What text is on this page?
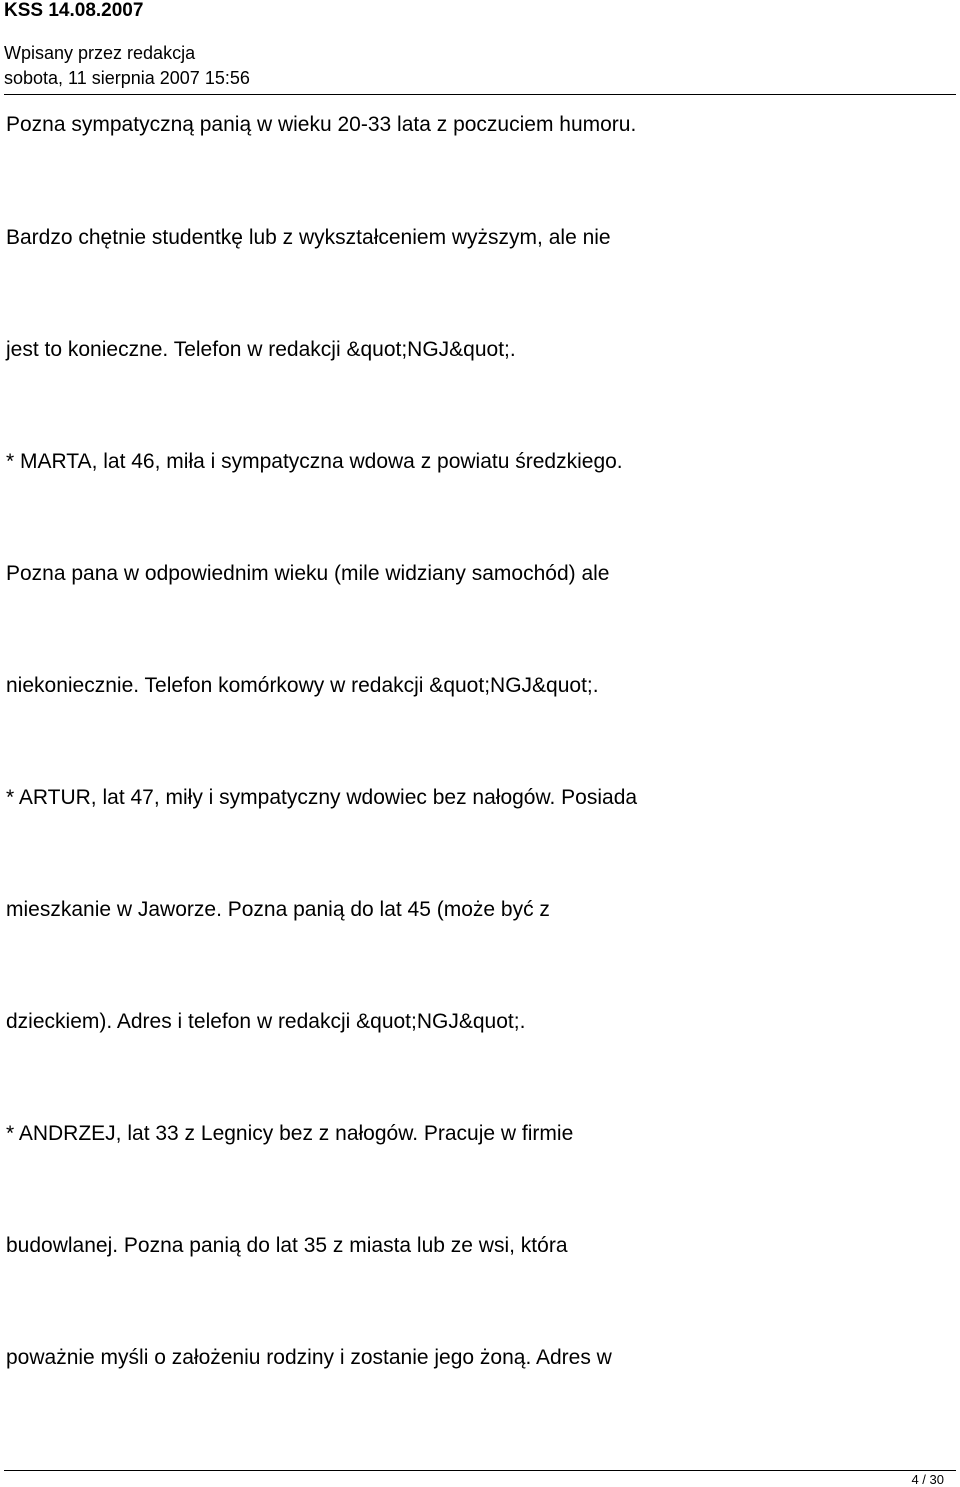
KSS 14.08.2007
Wpisany przez redakcja
sobota, 11 sierpnia 2007 15:56
Pozna sympatyczną panią w wieku 20-33 lata z poczuciem humoru.
Bardzo chętnie studentkę lub z wykształceniem wyższym, ale nie
jest to konieczne. Telefon w redakcji &quot;NGJ&quot;.
* MARTA, lat 46, miła i sympatyczna wdowa z powiatu średzkiego.
Pozna pana w odpowiednim wieku (mile widziany samochód) ale
niekoniecznie. Telefon komórkowy w redakcji &quot;NGJ&quot;.
* ARTUR, lat 47, miły i sympatyczny wdowiec bez nałogów. Posiada
mieszkanie w Jaworze. Pozna panią do lat 45 (może być z
dzieckiem). Adres i telefon w redakcji &quot;NGJ&quot;.
* ANDRZEJ, lat 33 z Legnicy bez z nałogów. Pracuje w firmie
budowlanej. Pozna panią do lat 35 z miasta lub ze wsi, która
poważnie myśli o założeniu rodziny i zostanie jego żoną. Adres w
4 / 30
